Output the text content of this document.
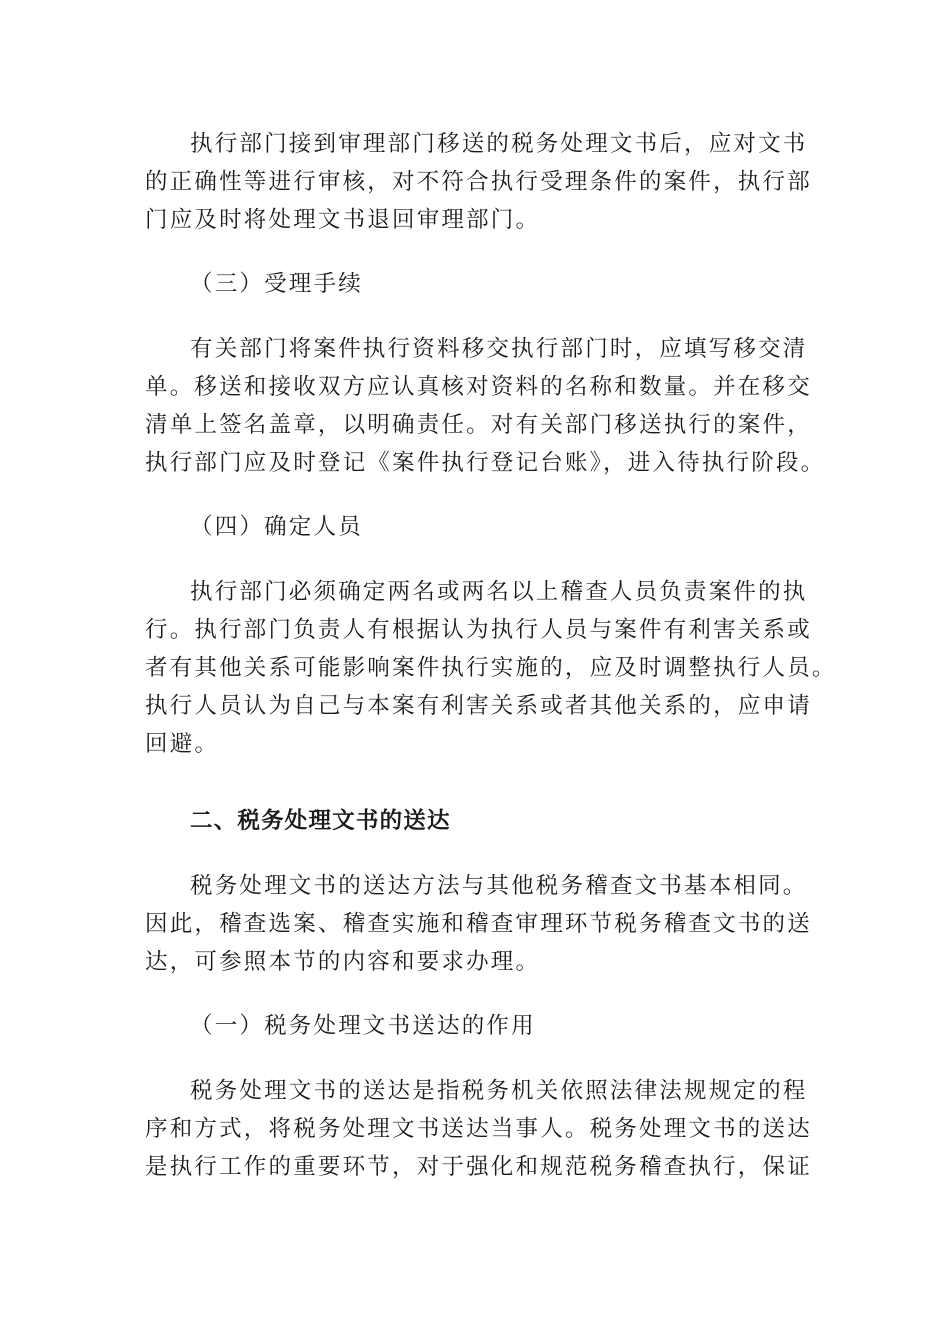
执行部门接到审理部门移送的税务处理文书后，应对文书
的正确性等进行审核，对不符合执行受理条件的案件，执行部
门应及时将处理文书退回审理部门。
（三）受理手续
有关部门将案件执行资料移交执行部门时，应填写移交清
单。移送和接收双方应认真核对资料的名称和数量。并在移交
清单上签名盖章，以明确责任。对有关部门移送执行的案件，
执行部门应及时登记《案件执行登记台账》，进入待执行阶段。
（四）确定人员
执行部门必须确定两名或两名以上稽查人员负责案件的执
行。执行部门负责人有根据认为执行人员与案件有利害关系或
者有其他关系可能影响案件执行实施的，应及时调整执行人员。
执行人员认为自己与本案有利害关系或者其他关系的，应申请
回避。
二、税务处理文书的送达
税务处理文书的送达方法与其他税务稽查文书基本相同。
因此，稽查选案、稽查实施和稽查审理环节税务稽查文书的送
达，可参照本节的内容和要求办理。
（一）税务处理文书送达的作用
税务处理文书的送达是指税务机关依照法律法规规定的程
序和方式，将税务处理文书送达当事人。税务处理文书的送达
是执行工作的重要环节，对于强化和规范税务稽查执行，保证
